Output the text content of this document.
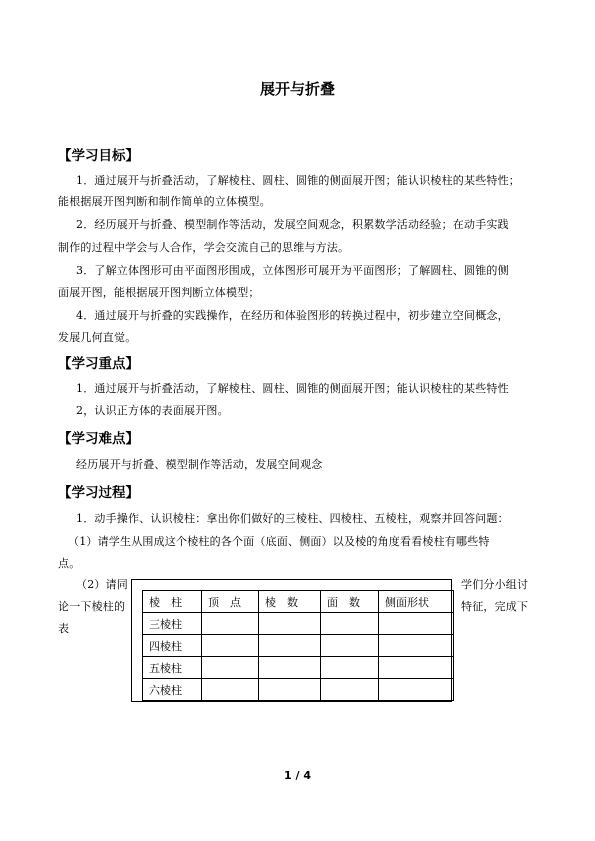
展开与折叠
【学习目标】
1．通过展开与折叠活动，了解棱柱、圆柱、圆锥的侧面展开图；能认识棱柱的某些特性；
能根据展开图判断和制作简单的立体模型。
2．经历展开与折叠、模型制作等活动，发展空间观念，积累数学活动经验；在动手实践
制作的过程中学会与人合作，学会交流自己的思维与方法。
3．了解立体图形可由平面图形围成，立体图形可展开为平面图形；了解圆柱、圆锥的侧
面展开图，能根据展开图判断立体模型；
4．通过展开与折叠的实践操作，在经历和体验图形的转换过程中，初步建立空间概念，
发展几何直觉。
【学习重点】
1．通过展开与折叠活动，了解棱柱、圆柱、圆锥的侧面展开图；能认识棱柱的某些特性
2，认识正方体的表面展开图。
【学习难点】
经历展开与折叠、模型制作等活动，发展空间观念
【学习过程】
1．动手操作、认识棱柱：拿出你们做好的三棱柱、四棱柱、五棱柱，观察并回答问题：
（1）请学生从围成这个棱柱的各个面（底面、侧面）以及棱的角度看看棱柱有哪些特
点。
（2）请同
论一下棱柱的
表
学们分小组讨
特征，完成下
棱　柱	顶　点	棱　数	面　数	侧面形状
三棱柱				
四棱柱				
五棱柱				
六棱柱				
1 / 4
